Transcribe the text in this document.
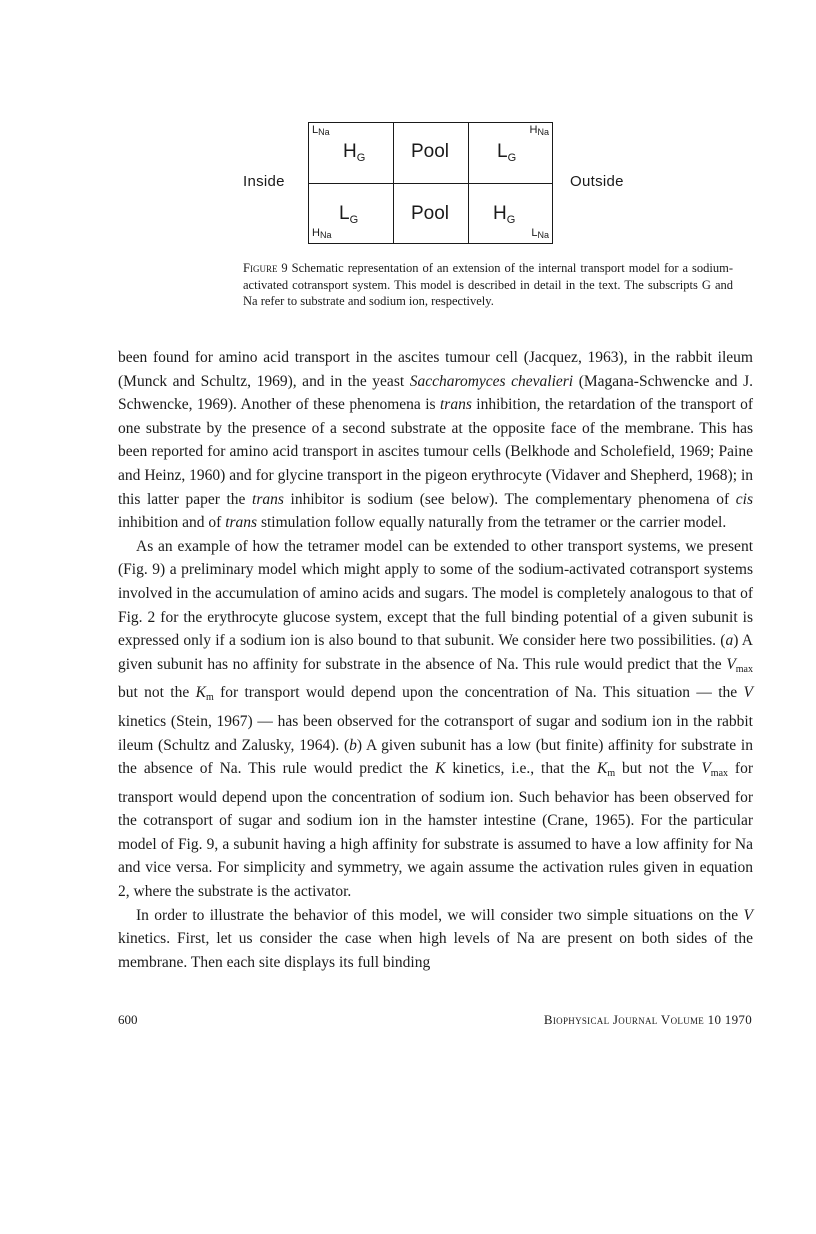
Inside	Outside
LNa
$H_G$ Pool
HNa
$L_G$
$L_G$
HNa
Pool $H_G$
LNa
Figure 9 Schematic representation of an extension of the internal transport model for a sodium-activated cotransport system. This model is described in detail in the text. The subscripts G and Na refer to substrate and sodium ion, respectively.

been found for amino acid transport in the ascites tumour cell (Jacquez, 1963), in the rabbit ileum (Munck and Schultz, 1969), and in the yeast Saccharomyces chevalieri (Magana-Schwencke and J. Schwencke, 1969). Another of these phenomena is trans inhibition, the retardation of the transport of one substrate by the presence of a second substrate at the opposite face of the membrane. This has been reported for amino acid transport in ascites tumour cells (Belkhode and Scholefield, 1969; Paine and Heinz, 1960) and for glycine transport in the pigeon erythrocyte (Vidaver and Shepherd, 1968); in this latter paper the trans inhibitor is sodium (see below). The complementary phenomena of cis inhibition and of trans stimulation follow equally naturally from the tetramer or the carrier model.

As an example of how the tetramer model can be extended to other transport systems, we present (Fig. 9) a preliminary model which might apply to some of the sodium-activated cotransport systems involved in the accumulation of amino acids and sugars. The model is completely analogous to that of Fig. 2 for the erythrocyte glucose system, except that the full binding potential of a given subunit is expressed only if a sodium ion is also bound to that subunit. We consider here two possibilities. (a) A given subunit has no affinity for substrate in the absence of Na. This rule would predict that the Vmax but not the Km for transport would depend upon the concentration of Na. This situation — the V kinetics (Stein, 1967) — has been observed for the cotransport of sugar and sodium ion in the rabbit ileum (Schultz and Zalusky, 1964). (b) A given subunit has a low (but finite) affinity for substrate in the absence of Na. This rule would predict the K kinetics, i.e., that the Km but not the Vmax for transport would depend upon the concentration of sodium ion. Such behavior has been observed for the cotransport of sugar and sodium ion in the hamster intestine (Crane, 1965). For the particular model of Fig. 9, a subunit having a high affinity for substrate is assumed to have a low affinity for Na and vice versa. For simplicity and symmetry, we again assume the activation rules given in equation 2, where the substrate is the activator.

In order to illustrate the behavior of this model, we will consider two simple situations on the V kinetics. First, let us consider the case when high levels of Na are present on both sides of the membrane. Then each site displays its full binding

600	Biophysical Journal Volume 10 1970
